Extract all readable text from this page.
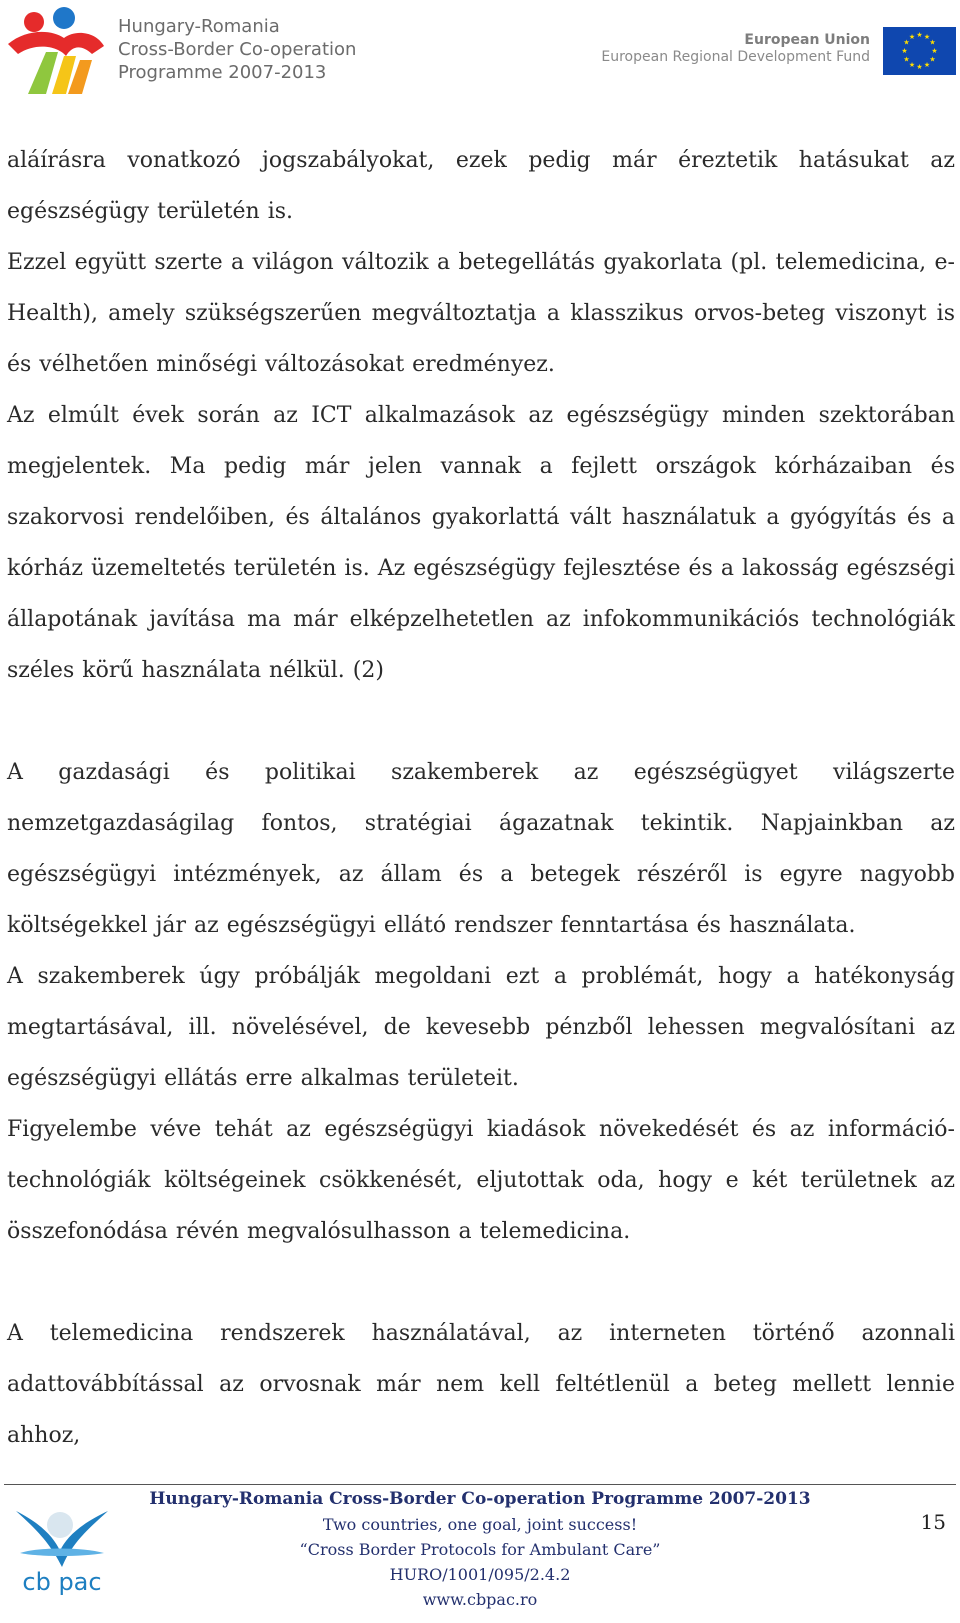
Hungary-Romania
Cross-Border Co-operation
Programme 2007-2013
European Union
European Regional Development Fund
★ ★
★
★
★
★
★
★
★
★
★
★

aláírásra vonatkozó jogszabályokat, ezek pedig már éreztetik hatásukat az egészségügy területén is.

Ezzel együtt szerte a világon változik a betegellátás gyakorlata (pl. telemedicina, e-Health), amely szükségszerűen megváltoztatja a klasszikus orvos-beteg viszonyt is és vélhetően minőségi változásokat eredményez.

Az elmúlt évek során az ICT alkalmazások az egészségügy minden szektorában megjelentek. Ma pedig már jelen vannak a fejlett országok kórházaiban és szakorvosi rendelőiben, és általános gyakorlattá vált használatuk a gyógyítás és a kórház üzemeltetés területén is. Az egészségügy fejlesztése és a lakosság egészségi állapotának javítása ma már elképzelhetetlen az infokommunikációs technológiák széles körű használata nélkül. (2)

A gazdasági és politikai szakemberek az egészségügyet világszerte nemzetgazdaságilag fontos, stratégiai ágazatnak tekintik. Napjainkban az egészségügyi intézmények, az állam és a betegek részéről is egyre nagyobb költségekkel jár az egészségügyi ellátó rendszer fenntartása és használata.

A szakemberek úgy próbálják megoldani ezt a problémát, hogy a hatékonyság megtartásával, ill. növelésével, de kevesebb pénzből lehessen megvalósítani az egészségügyi ellátás erre alkalmas területeit.

Figyelembe véve tehát az egészségügyi kiadások növekedését és az információ-technológiák költségeinek csökkenését, eljutottak oda, hogy e két területnek az összefonódása révén megvalósulhasson a telemedicina.

A telemedicina rendszerek használatával, az interneten történő azonnali adattovábbítással az orvosnak már nem kell feltétlenül a beteg mellett lennie ahhoz,

cb pac
Hungary-Romania Cross-Border Co-operation Programme 2007-2013
Two countries, one goal, joint success!
“Cross Border Protocols for Ambulant Care”
HURO/1001/095/2.4.2
www.cbpac.ro
15
